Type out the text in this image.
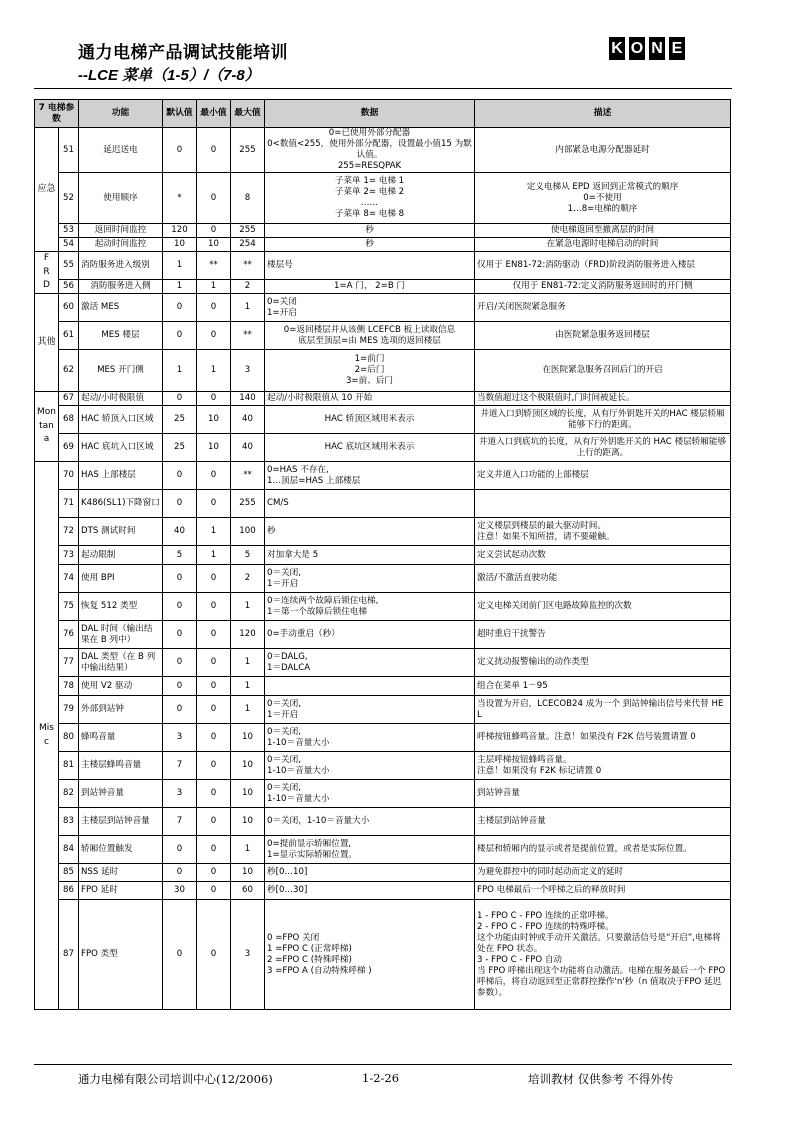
通力电梯产品调试技能培训
--LCE 菜单（1-5）/（7-8）
K O N E
7 电梯参数		功能	默认值	最小值	最大值	数据	描述
应急	51	延迟送电	0	0	255	0=已使用外部分配器
0<数值<255，使用外部分配器，设置最小值15 为默认值。
255=RESQPAK	内部紧急电源分配器延时
	52	使用顺序	*	0	8	子菜单 1= 电梯 1
子菜单 2= 电梯 2
……
子菜单 8= 电梯 8	定义电梯从 EPD 返回到正常模式的顺序
0=不使用
1…8=电梯的顺序
	53	返回时间监控	120	0	255	秒	使电梯返回至撤离层的时间
	54	起动时间监控	10	10	254	秒	在紧急电源时电梯启动的时间
F
R
D	55	消防服务进入级别	1	**	**	楼层号	仅用于 EN81-72:消防驱动（FRD)阶段消防服务进入楼层
	56	消防服务进入侧	1	1	2	1=A 门， 2=B 门	仅用于 EN81-72:定义消防服务返回时的开门侧
其他	60	激活 MES	0	0	1	0=关闭
1=开启	开启/关闭医院紧急服务
	61	MES 楼层	0	0	**	0=返回楼层并从该侧 LCEFCB 板上读取信息
底层至顶层=由 MES 选项的返回楼层	由医院紧急服务返回楼层
	62	MES 开门侧	1	1	3	1=前门
2=后门
3=前、后门	在医院紧急服务召回后门的开启
Mon
tana	67	起动/小时极限值	0	0	140	起动/小时极限值从 10 开始	当数值超过这个极限值时,门时间被延长。
	68	HAC 轿顶入口区域	25	10	40	HAC 轿顶区域用米表示	井道入口到轿顶区域的长度，从有厅外钥匙开关的HAC 楼层轿厢能够下行的距离。
	69	HAC 底坑入口区域	25	10	40	HAC 底坑区域用米表示	井道入口到底坑的长度，从有厅外钥匙开关的 HAC 楼层轿厢能够上行的距离。
Mis
c	70	HAS 上部楼层	0	0	**	0=HAS 不存在,
1…顶层=HAS 上部楼层	定义井道入口功能的上部楼层
	71	K486(SL1)下降窗口	0	0	255	CM/S	
	72	DTS 测试时间	40	1	100	秒	定义楼层到楼层的最大驱动时间。
注意！如果不知所措，请不要碰触。
	73	起动限制	5	1	5	对加拿大是 5	定义尝试起动次数
	74	使用 BPI	0	0	2	0＝关闭,
1＝开启	激活/不激活直驶功能
	75	恢复 512 类型	0	0	1	0＝连续两个故障后锁住电梯,
1＝第一个故障后锁住电梯	定义电梯关闭前门区电路故障监控的次数
	76	DAL 时间（输出结果在 B 列中）	0	0	120	0=手动重启（秒）	超时重启干扰警告
	77	DAL 类型（在 B 列中输出结果）	0	0	1	0＝DALG,
1＝DALCA	定义扰动报警输出的动作类型
	78	使用 V2 驱动	0	0	1		组合在菜单 1－95
	79	外部到站钟	0	0	1	0＝关闭,
1＝开启	当设置为开启，LCECOB24 成为一个 到站钟输出信号来代替 HEL
	80	蜂鸣音量	3	0	10	0＝关闭,
1-10＝音量大小	呼梯按钮蜂鸣音量。注意！如果没有 F2K 信号装置请置 0
	81	主楼层蜂鸣音量	7	0	10	0＝关闭,
1-10＝音量大小	主层呼梯按钮蜂鸣音量。
注意！如果没有 F2K 标记请置 0
	82	到站钟音量	3	0	10	0＝关闭,
1-10＝音量大小	到站钟音量
	83	主楼层到站钟音量	7	0	10	0＝关闭，1-10＝音量大小	主楼层到站钟音量
	84	轿厢位置触发	0	0	1	0=提前显示轿厢位置,
1=显示实际轿厢位置。	楼层和轿厢内的显示或者是提前位置，或者是实际位置。
	85	NSS 延时	0	0	10	秒[0…10]	为避免群控中的同时起动而定义的延时
	86	FPO 延时	30	0	60	秒[0…30]	FPO 电梯最后一个呼梯之后的释放时间
	87	FPO 类型	0	0	3	0 =FPO 关闭
1 =FPO C (正常呼梯)
2 =FPO C (特殊呼梯)
3 =FPO A (自动特殊呼梯 )	1 - FPO C - FPO 连续的正常呼梯。
2 - FPO C - FPO 连续的特殊呼梯。
这个功能由时钟或手动开关激活。只要激活信号是“开启”,电梯将处在 FPO 状态。
3 - FPO C - FPO 自动
当 FPO 呼梯出现这个功能将自动激活。电梯在服务最后一个 FPO 呼梯后，将自动返回至正常群控操作'n'秒（n 值取决于FPO 延迟参数）。
通力电梯有限公司培训中心(12/2006)	1-2-26	培训教材 仅供参考 不得外传
